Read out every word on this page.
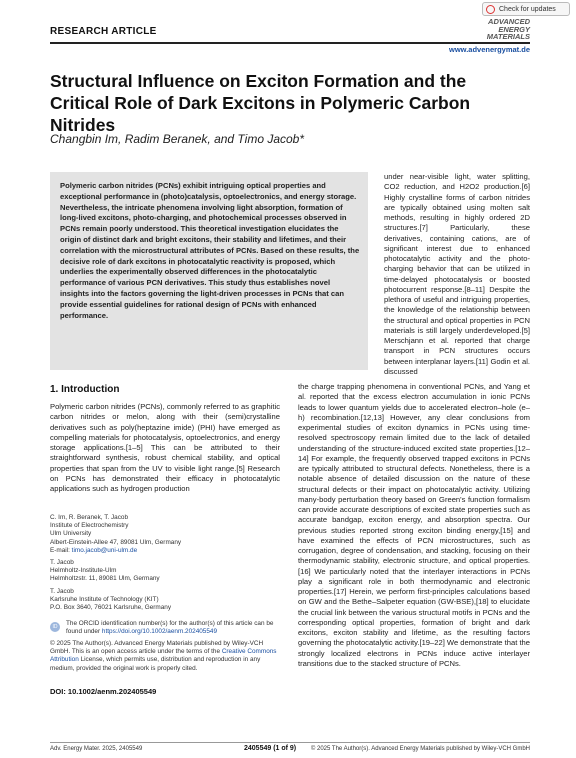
Check for updates
RESEARCH ARTICLE
ADVANCED
ENERGY
MATERIALS
www.advenergymat.de
Structural Influence on Exciton Formation and the Critical Role of Dark Excitons in Polymeric Carbon Nitrides
Changbin Im, Radim Beranek, and Timo Jacob*
Polymeric carbon nitrides (PCNs) exhibit intriguing optical properties and exceptional performance in (photo)catalysis, optoelectronics, and energy storage. Nevertheless, the intricate phenomena involving light absorption, formation of long-lived excitons, photo-charging, and photochemical processes observed in PCNs remain poorly understood. This theoretical investigation elucidates the origin of distinct dark and bright excitons, their stability and lifetimes, and their correlation with the microstructural attributes of PCNs. Based on these results, the decisive role of dark excitons in photocatalytic reactivity is proposed, which underlies the experimentally observed differences in the photocatalytic performance of various PCN derivatives. This study thus establishes novel insights into the factors governing the light-driven processes in PCNs that can provide essential guidelines for rational design of PCNs with enhanced performance.
under near-visible light, water splitting, CO2 reduction, and H2O2 production.[6] Highly crystalline forms of carbon nitrides are typically obtained using molten salt methods, resulting in highly ordered 2D structures.[7] Particularly, these derivatives, containing cations, are of significant interest due to enhanced photocatalytic activity and the photo-charging behavior that can be utilized in time-delayed photocatalysis or boosted photocurrent response.[8–11] Despite the plethora of useful and intriguing properties, the knowledge of the relationship between the structural and optical properties in PCN materials is still largely underdeveloped.[5] Merschjann et al. reported that charge transport in PCN structures occurs between interplanar layers.[11] Godin et al. discussed
1. Introduction
Polymeric carbon nitrides (PCNs), commonly referred to as graphitic carbon nitrides or melon, along with their (semi)crystalline derivatives such as poly(heptazine imide) (PHI) have emerged as compelling materials for photocatalysis, optoelectronics, and energy storage applications.[1–5] This can be attributed to their straightforward synthesis, robust chemical stability, and optical properties that span from the UV to visible light range.[5] Research on PCNs has demonstrated their efficacy in photocatalytic applications such as hydrogen production
the charge trapping phenomena in conventional PCNs, and Yang et al. reported that the excess electron accumulation in ionic PCNs leads to lower quantum yields due to accelerated electron–hole (e–h) recombination.[12,13] However, any clear conclusions from experimental studies of exciton dynamics in PCNs using time-resolved spectroscopy remain limited due to the lack of detailed understanding of the structure-induced excited state properties.[12–14] For example, the frequently observed trapped excitons in PCNs are typically attributed to structural defects. Nonetheless, there is a notable absence of detailed discussion on the nature of these structural defects or their impact on photocatalytic activity. Utilizing many-body perturbation theory based on Green's function formalism can provide accurate descriptions of excited state properties such as accurate bandgap, exciton energy, and absorption spectra. Our previous studies reported strong exciton binding energy,[15] and have examined the effects of PCN microstructures, such as corrugation, degree of condensation, and stacking, focusing on their thermodynamic stability, electronic structure, and optical properties.[16] We particularly noted that the interlayer interactions in PCNs play a significant role in both thermodynamic and electronic properties.[17] Herein, we perform first-principles calculations based on GW and the Bethe–Salpeter equation (GW-BSE),[18] to elucidate the crucial link between the various structural motifs in PCNs and the corresponding optical properties, formation of bright and dark excitons, exciton stability and lifetime, as the resulting factors governing the photocatalytic activity.[19–22] We demonstrate that the strongly localized electrons in PCNs induce active interlayer transitions due to the stacked structure of PCNs.
C. Im, R. Beranek, T. Jacob
Institute of Electrochemistry
Ulm University
Albert-Einstein-Allee 47, 89081 Ulm, Germany
E-mail: timo.jacob@uni-ulm.de
T. Jacob
Helmholtz-Institute-Ulm
Helmholtzstr. 11, 89081 Ulm, Germany
T. Jacob
Karlsruhe Institute of Technology (KIT)
P.O. Box 3640, 76021 Karlsruhe, Germany
ID	The ORCID identification number(s) for the author(s) of this article can be found under https://doi.org/10.1002/aenm.202405549
© 2025 The Author(s). Advanced Energy Materials published by Wiley-VCH GmbH. This is an open access article under the terms of the Creative Commons Attribution License, which permits use, distribution and reproduction in any medium, provided the original work is properly cited.
DOI: 10.1002/aenm.202405549
Adv. Energy Mater. 2025, 2405549	2405549 (1 of 9) © 2025 The Author(s). Advanced Energy Materials published by Wiley-VCH GmbH
